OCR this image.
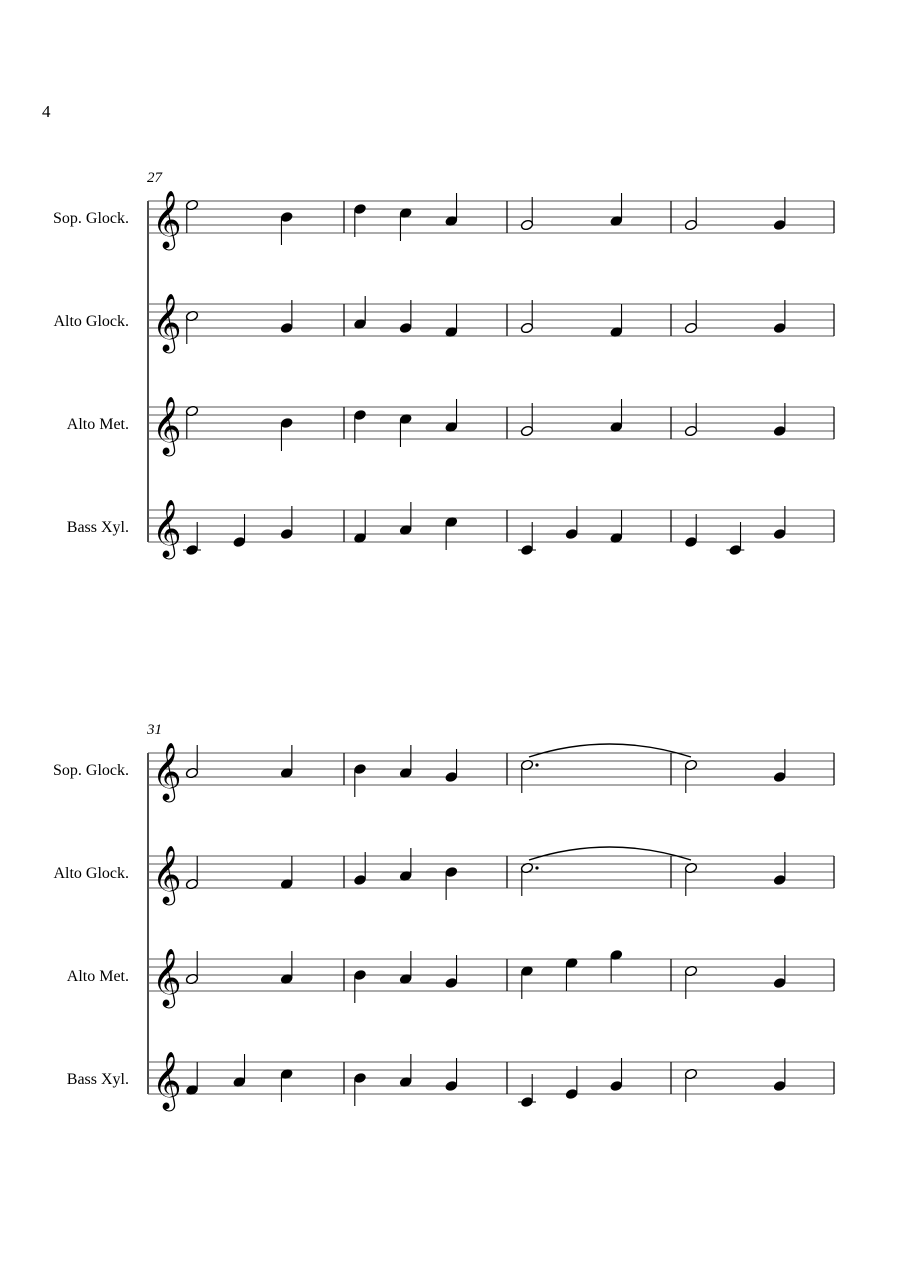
4
27
Sop. Glock. 𝄞
Alto Glock. 𝄞
Alto Met. 𝄞
Bass Xyl. 𝄞
31
Sop. Glock. 𝄞
Alto Glock. 𝄞
Alto Met. 𝄞
Bass Xyl. 𝄞
